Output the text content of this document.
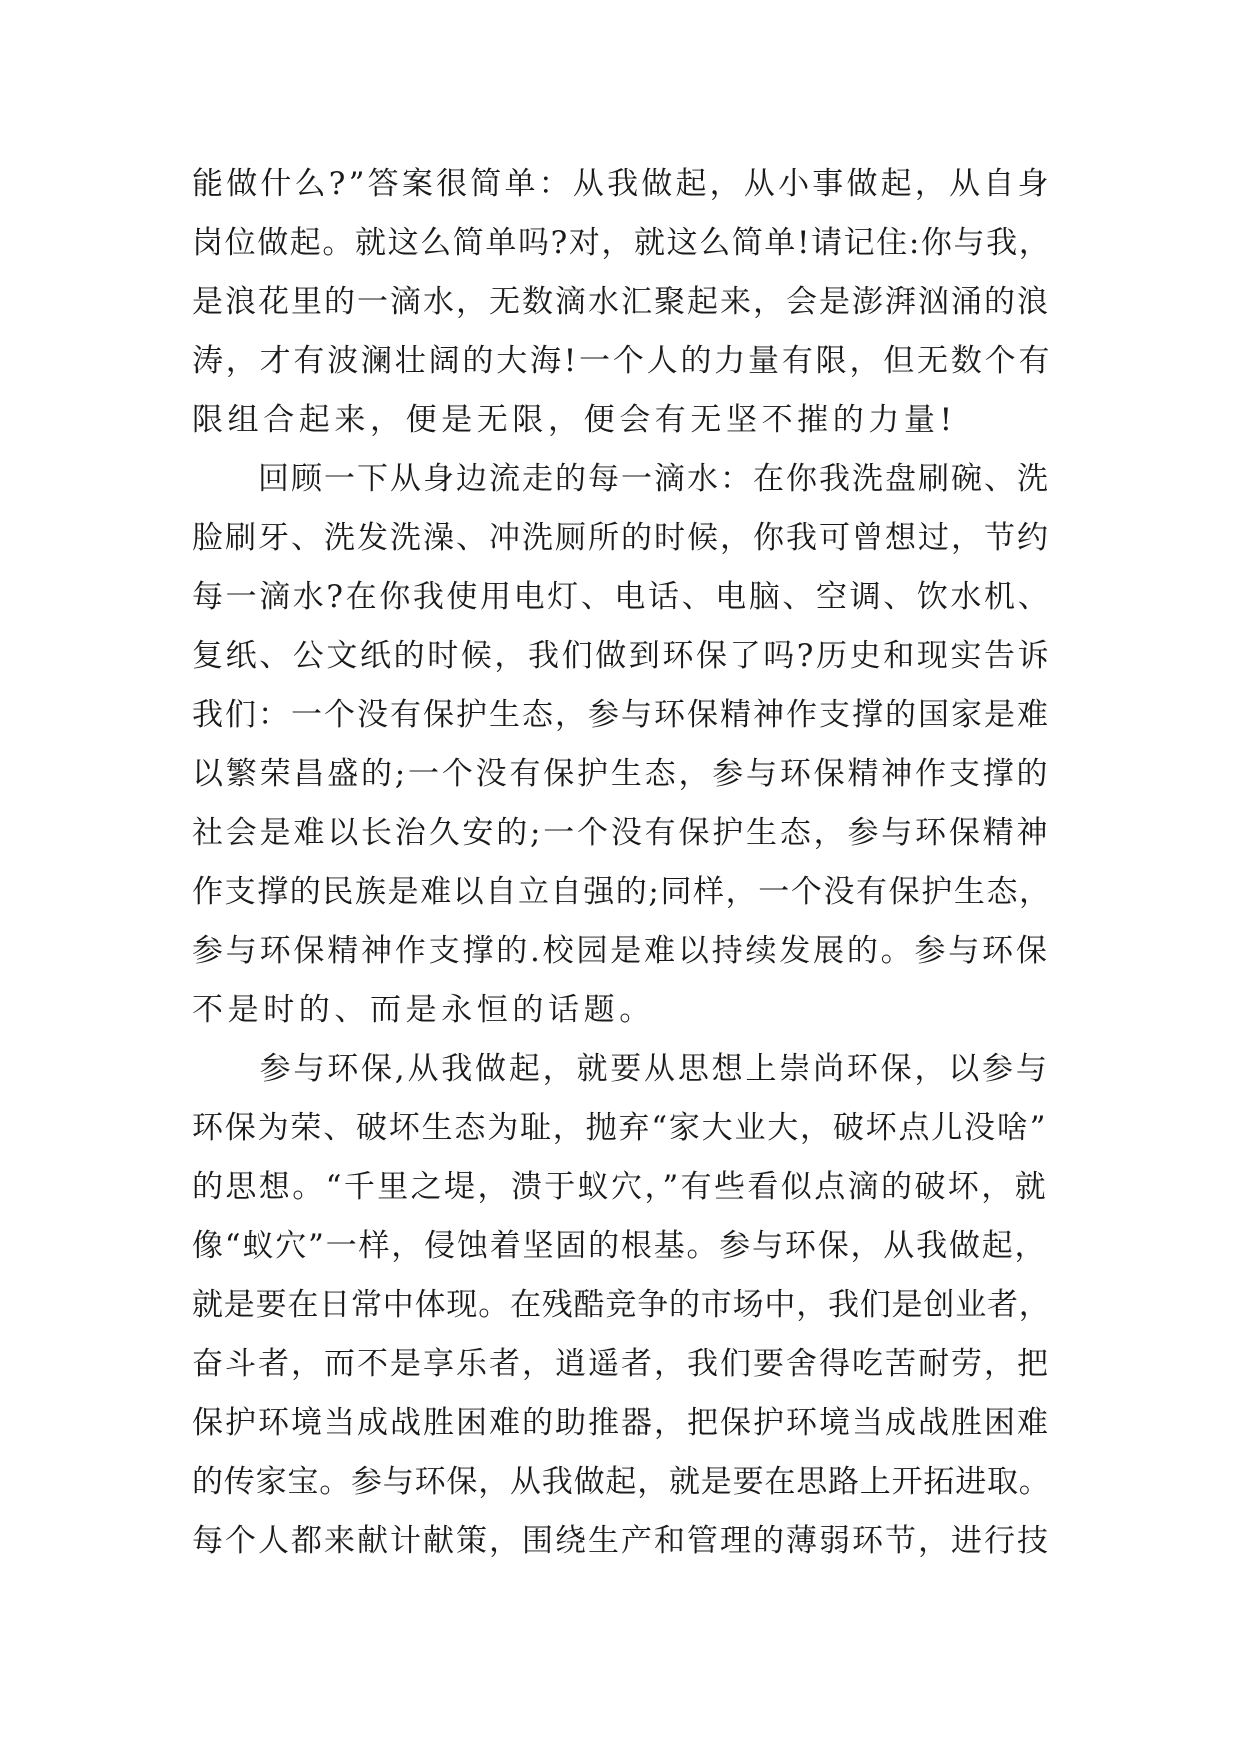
能做什么?”答案很简单：从我做起，从小事做起，从自身
岗位做起。就这么简单吗?对，就这么简单!请记住:你与我，
是浪花里的一滴水，无数滴水汇聚起来，会是澎湃汹涌的浪
涛，才有波澜壮阔的大海!一个人的力量有限，但无数个有
限组合起来，便是无限，便会有无坚不摧的力量!
　　回顾一下从身边流走的每一滴水：在你我洗盘刷碗、洗
脸刷牙、洗发洗澡、冲洗厕所的时候，你我可曾想过，节约
每一滴水?在你我使用电灯、电话、电脑、空调、饮水机、
复纸、公文纸的时候，我们做到环保了吗?历史和现实告诉
我们：一个没有保护生态，参与环保精神作支撑的国家是难
以繁荣昌盛的;一个没有保护生态，参与环保精神作支撑的
社会是难以长治久安的;一个没有保护生态，参与环保精神
作支撑的民族是难以自立自强的;同样，一个没有保护生态，
参与环保精神作支撑的.校园是难以持续发展的。参与环保
不是时的、而是永恒的话题。
　　参与环保,从我做起，就要从思想上崇尚环保，以参与
环保为荣、破坏生态为耻，抛弃“家大业大，破坏点儿没啥”
的思想。“千里之堤，溃于蚁穴，”有些看似点滴的破坏，就
像“蚁穴”一样，侵蚀着坚固的根基。参与环保，从我做起，
就是要在日常中体现。在残酷竞争的市场中，我们是创业者，
奋斗者，而不是享乐者，逍遥者，我们要舍得吃苦耐劳，把
保护环境当成战胜困难的助推器，把保护环境当成战胜困难
的传家宝。参与环保，从我做起，就是要在思路上开拓进取。
每个人都来献计献策，围绕生产和管理的薄弱环节，进行技
